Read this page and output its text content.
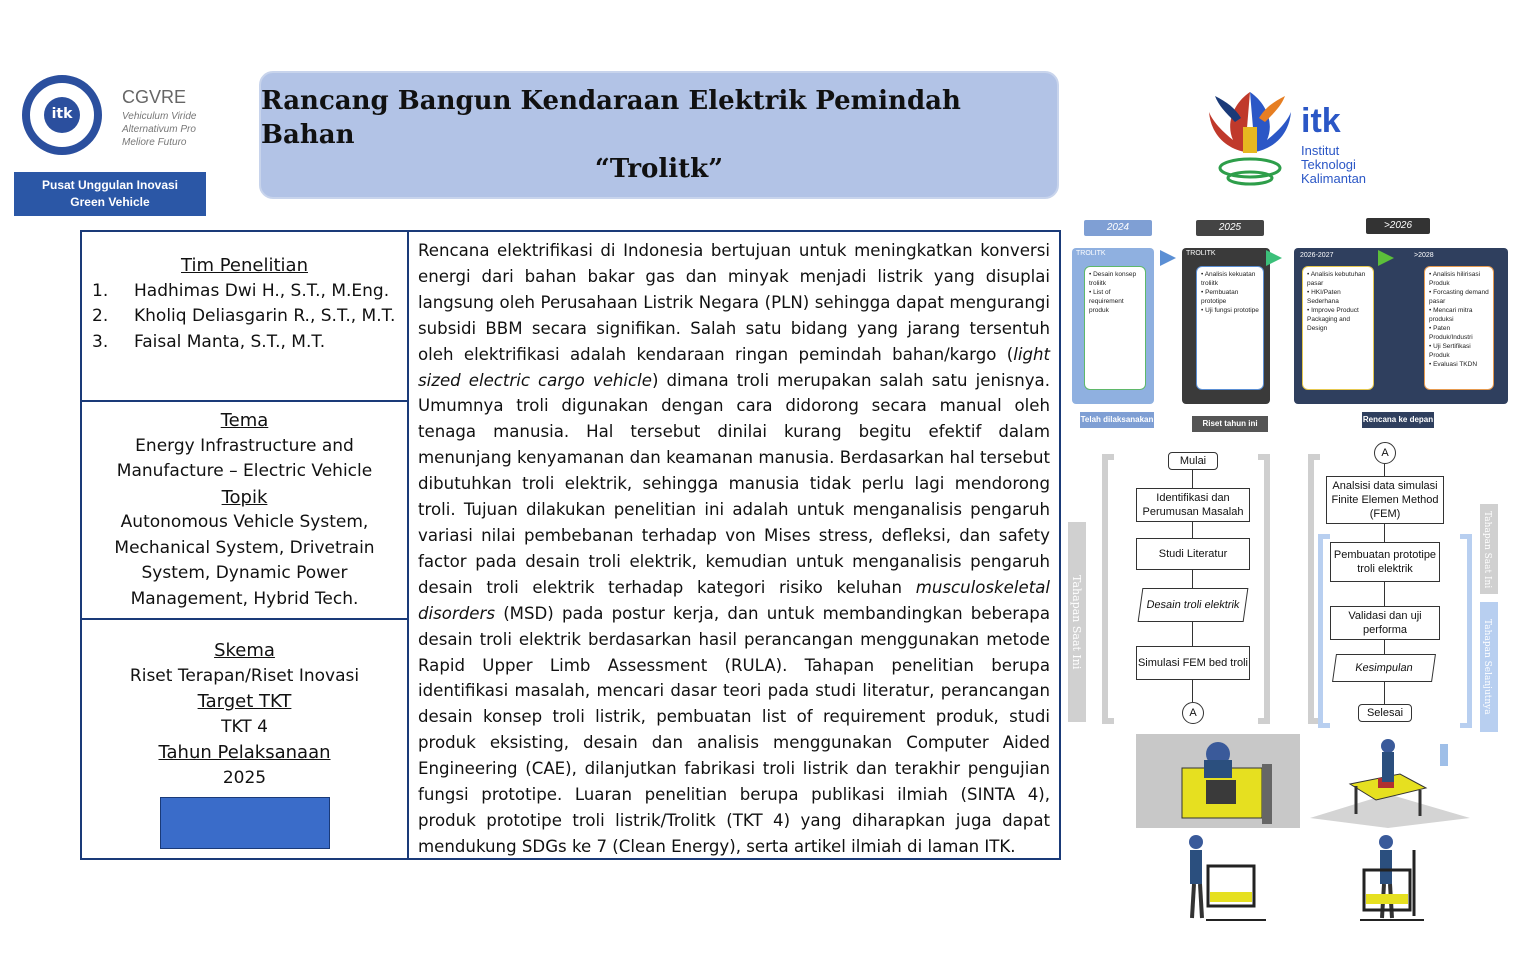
itk
CGVRE
Vehiculum Viride
Alternativum Pro
Meliore Futuro
Pusat Unggulan Inovasi
Green Vehicle
Rancang Bangun Kendaraan Elektrik Pemindah Bahan
“Trolitk”
itk
Institut
Teknologi
Kalimantan
Tim Penelitian
1.	Hadhimas Dwi H., S.T., M.Eng.
2.	Kholiq Deliasgarin R., S.T., M.T.
3.	Faisal Manta, S.T., M.T.
Tema
Energy Infrastructure and
Manufacture – Electric Vehicle
Topik
Autonomous Vehicle System,
Mechanical System, Drivetrain
System, Dynamic Power
Management, Hybrid Tech.
Skema
Riset Terapan/Riset Inovasi
Target TKT
TKT 4
Tahun Pelaksanaan
2025
Rencana elektrifikasi di Indonesia bertujuan untuk meningkatkan konversi energi dari bahan bakar gas dan minyak menjadi listrik yang disuplai langsung oleh Perusahaan Listrik Negara (PLN) sehingga dapat mengurangi subsidi BBM secara signifikan. Salah satu bidang yang jarang tersentuh oleh elektrifikasi adalah kendaraan ringan pemindah bahan/kargo (light sized electric cargo vehicle) dimana troli merupakan salah satu jenisnya. Umumnya troli digunakan dengan cara didorong secara manual oleh tenaga manusia. Hal tersebut dinilai kurang begitu efektif dalam menunjang kenyamanan dan keamanan manusia. Berdasarkan hal tersebut dibutuhkan troli elektrik, sehingga manusia tidak perlu lagi mendorong troli. Tujuan dilakukan penelitian ini adalah untuk menganalisis pengaruh variasi nilai pembebanan terhadap von Mises stress, defleksi, dan safety factor pada desain troli elektrik, kemudian untuk menganalisis pengaruh desain troli elektrik terhadap kategori risiko keluhan musculoskeletal disorders (MSD) pada postur kerja, dan untuk membandingkan beberapa desain troli elektrik berdasarkan hasil perancangan menggunakan metode Rapid Upper Limb Assessment (RULA). Tahapan penelitian berupa identifikasi masalah, mencari dasar teori pada studi literatur, perancangan desain konsep troli listrik, pembuatan list of requirement produk, studi produk eksisting, desain dan analisis menggunakan Computer Aided Engineering (CAE), dilanjutkan fabrikasi troli listrik dan terakhir pengujian fungsi prototipe. Luaran penelitian berupa publikasi ilmiah (SINTA 4), produk prototipe troli listrik/Trolitk (TKT 4) yang diharapkan juga dapat mendukung SDGs ke 7 (Clean Energy), serta artikel ilmiah di laman ITK.
2024	2025	>2026
TROLITK
• Desain konsep troliitk
• List of requirement produk
TROLITK
• Analisis kekuatan troliitk
• Pembuatan prototipe
• Uji fungsi prototipe
2026-2027	>2028
• Analisis kebutuhan pasar
• HKI/Paten Sederhana
• Improve Product Packaging and Design
• Analisis hilirisasi Produk
• Forcasting demand pasar
• Mencari mitra produksi
• Paten Produk/Industri
• Uji Sertifikasi Produk
• Evaluasi TKDN
Telah dilaksanakan	Riset tahun ini	Rencana ke depan
Tahapan Saat Ini
Mulai
Identifikasi dan Perumusan Masalah
Studi Literatur
Desain troli elektrik
Simulasi FEM bed troli
A
Tahapan Saat Ini
Tahapan Selanjutnya
A
Analsisi data simulasi Finite Elemen Method (FEM)
Pembuatan prototipe troli elektrik
Validasi dan uji performa
Kesimpulan
Selesai
